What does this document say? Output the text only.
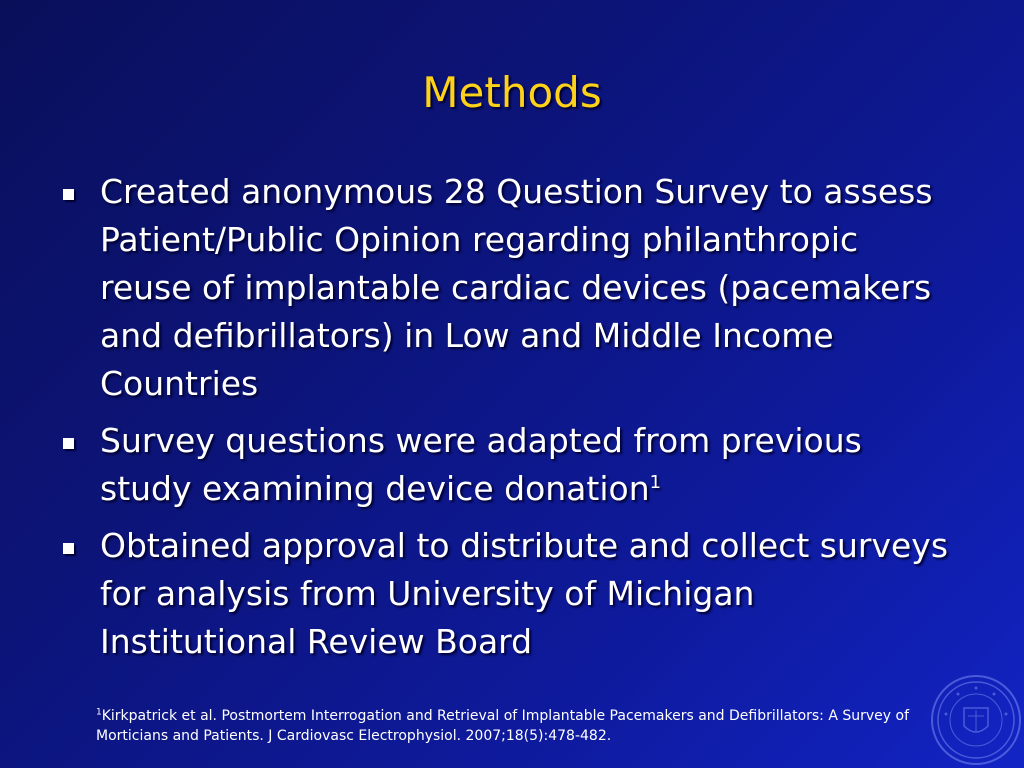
Methods
Created anonymous 28 Question Survey to assess Patient/Public Opinion regarding philanthropic reuse of implantable cardiac devices (pacemakers and defibrillators) in Low and Middle Income Countries
Survey questions were adapted from previous study examining device donation$^1$
Obtained approval to distribute and collect surveys for analysis from University of Michigan Institutional Review Board
$^1$Kirkpatrick et al. Postmortem Interrogation and Retrieval of Implantable Pacemakers and Defibrillators: A Survey of Morticians and Patients. J Cardiovasc Electrophysiol. 2007;18(5):478-482.
